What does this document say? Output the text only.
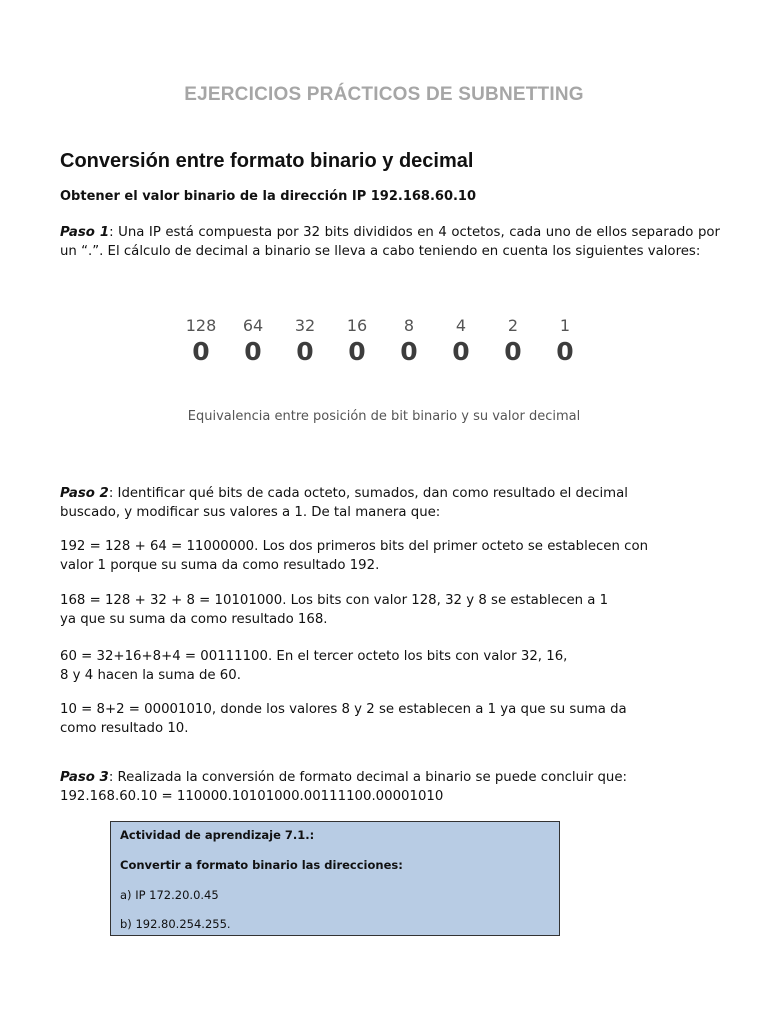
EJERCICIOS PRÁCTICOS DE SUBNETTING
Conversión entre formato binario y decimal
Obtener el valor binario de la dirección IP 192.168.60.10

Paso 1: Una IP está compuesta por 32 bits divididos en 4 octetos, cada uno de ellos separado por un “.”. El cálculo de decimal a binario se lleva a cabo teniendo en cuenta los siguientes valores:

128
0
64
0
32
0
16
0
8
0
4
0
2
0
1
0
Equivalencia entre posición de bit binario y su valor decimal

Paso 2: Identificar qué bits de cada octeto, sumados, dan como resultado el decimal
buscado, y modificar sus valores a 1. De tal manera que:

192 = 128 + 64 = 11000000. Los dos primeros bits del primer octeto se establecen con
valor 1 porque su suma da como resultado 192.

168 = 128 + 32 + 8 = 10101000. Los bits con valor 128, 32 y 8 se establecen a 1
ya que su suma da como resultado 168.

60 = 32+16+8+4 = 00111100. En el tercer octeto los bits con valor 32, 16,
8 y 4 hacen la suma de 60.

10 = 8+2 = 00001010, donde los valores 8 y 2 se establecen a 1 ya que su suma da
como resultado 10.

Paso 3: Realizada la conversión de formato decimal a binario se puede concluir que:
192.168.60.10 = 110000.10101000.00111100.00001010

Actividad de aprendizaje 7.1.:
Convertir a formato binario las direcciones:
a) IP 172.20.0.45
b) 192.80.254.255.
